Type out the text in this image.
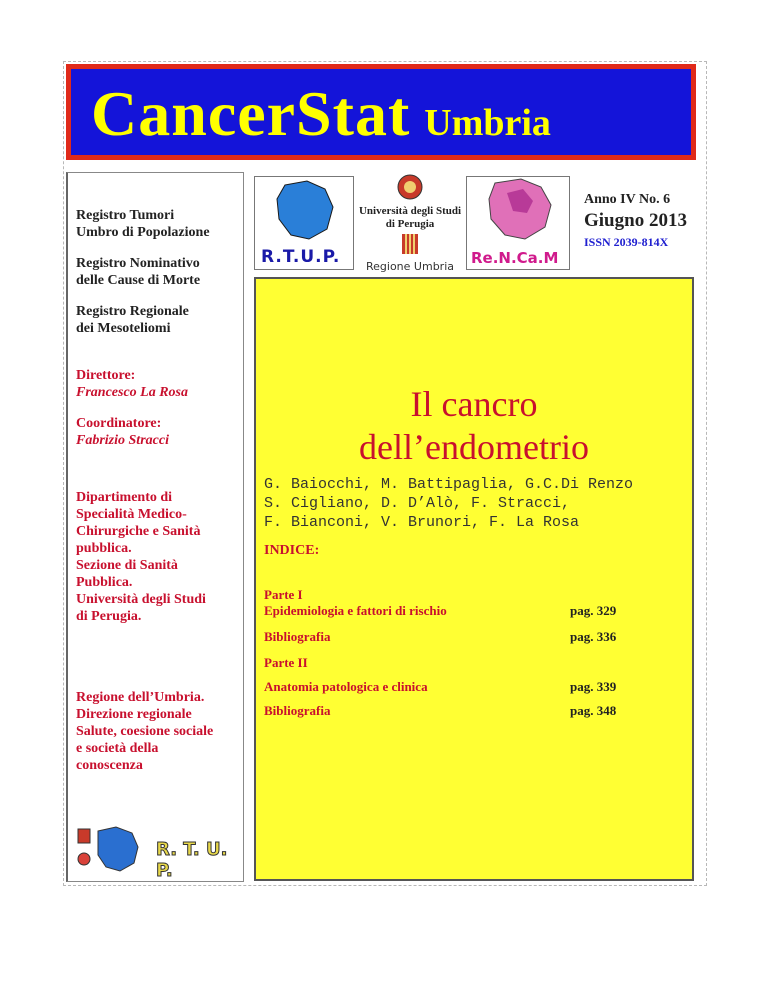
CancerStat Umbria
Registro Tumori
Umbro di Popolazione
Registro Nominativo
delle Cause di Morte
Registro Regionale
dei Mesoteliomi
Direttore:
Francesco La Rosa
Coordinatore:
Fabrizio Stracci
Dipartimento di
Specialità Medico-
Chirurgiche e Sanità
pubblica.
Sezione di Sanità
Pubblica.
Università degli Studi
di Perugia.
Regione dell’Umbria.
Direzione regionale
Salute, coesione sociale
e società della
conoscenza
R. T. U. P.
R.T.U.P.
Università degli Studi
di Perugia
Regione Umbria	Re.N.Ca.M
Anno IV No. 6
Giugno 2013
ISSN 2039-814X
Il cancro
dell’endometrio
G. Baiocchi, M. Battipaglia, G.C.Di Renzo
S. Cigliano, D. D’Alò, F. Stracci,
F. Bianconi, V. Brunori, F. La Rosa
INDICE:
Parte I
Epidemiologia e fattori di rischio	pag. 329
Bibliografia	pag. 336
Parte II
Anatomia patologica e clinica	pag. 339
Bibliografia	pag. 348
